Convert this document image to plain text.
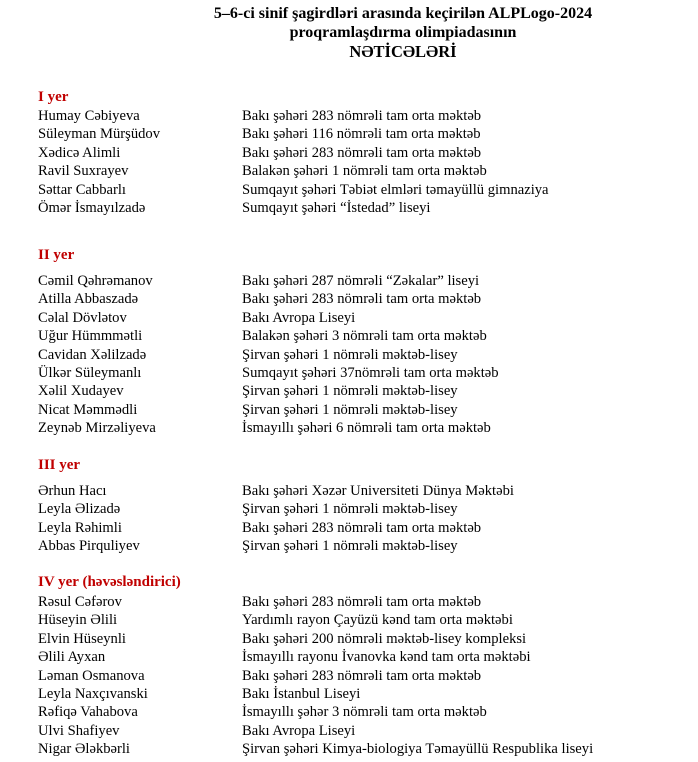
5–6-ci sinif şagirdləri arasında keçirilən ALPLogo-2024
proqramlaşdırma olimpiadasının
NƏTİCƏLƏRİ
I yer
Humay Cəbiyeva	Bakı şəhəri 283 nömrəli tam orta məktəb
Süleyman Mürşüdov	Bakı şəhəri 116 nömrəli tam orta məktəb
Xədicə Alimli	Bakı şəhəri 283 nömrəli tam orta məktəb
Ravil Suxrayev	Balakən şəhəri 1 nömrəli tam orta məktəb
Səttar Cabbarlı	Sumqayıt şəhəri Təbiət elmləri təmayüllü gimnaziya
Ömər İsmayılzadə	Sumqayıt şəhəri “İstedad” liseyi
II yer
Cəmil Qəhrəmanov	Bakı şəhəri 287 nömrəli “Zəkalar” liseyi
Atilla Abbaszadə	Bakı şəhəri 283 nömrəli tam orta məktəb
Cəlal Dövlətov	Bakı Avropa Liseyi
Uğur Hümmmətli	Balakən şəhəri 3 nömrəli tam orta məktəb
Cavidan Xəlilzadə	Şirvan şəhəri 1 nömrəli məktəb-lisey
Ülkər Süleymanlı	Sumqayıt şəhəri 37nömrəli tam orta məktəb
Xəlil Xudayev	Şirvan şəhəri 1 nömrəli məktəb-lisey
Nicat Məmmədli	Şirvan şəhəri 1 nömrəli məktəb-lisey
Zeynəb Mirzəliyeva	İsmayıllı şəhəri 6 nömrəli tam orta məktəb
III yer
Ərhun Hacı	Bakı şəhəri Xəzər Universiteti Dünya Məktəbi
Leyla Əlizadə	Şirvan şəhəri 1 nömrəli məktəb-lisey
Leyla Rəhimli	Bakı şəhəri 283 nömrəli tam orta məktəb
Abbas Pirquliyev	Şirvan şəhəri 1 nömrəli məktəb-lisey
IV yer (həvəsləndirici)
Rəsul Cəfərov	Bakı şəhəri 283 nömrəli tam orta məktəb
Hüseyin Əlili	Yardımlı rayon Çayüzü kənd tam orta məktəbi
Elvin Hüseynli	Bakı şəhəri 200 nömrəli məktəb-lisey kompleksi
Əlili Ayxan	İsmayıllı rayonu İvanovka kənd tam orta məktəbi
Ləman Osmanova	Bakı şəhəri 283 nömrəli tam orta məktəb
Leyla Naxçıvanski	Bakı İstanbul Liseyi
Rəfiqə Vahabova	İsmayıllı şəhər 3 nömrəli tam orta məktəb
Ulvi Shafiyev	Bakı Avropa Liseyi
Nigar Ələkbərli	Şirvan şəhəri Kimya-biologiya Təmayüllü Respublika liseyi
